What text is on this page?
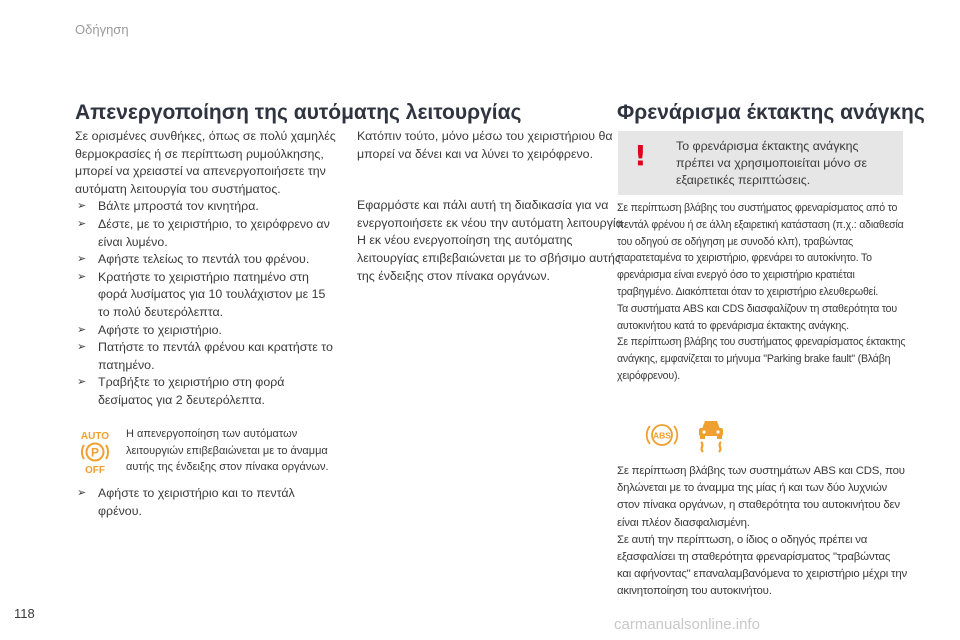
Οδήγηση
Απενεργοποίηση της αυτόματης λειτουργίας	Φρενάρισμα έκτακτης ανάγκης

Σε ορισμένες συνθήκες, όπως σε πολύ χαμηλές θερμοκρασίες ή σε περίπτωση ρυμούλκησης, μπορεί να χρειαστεί να απενεργοποιήσετε την αυτόματη λειτουργία του συστήματος.

➢ Βάλτε μπροστά τον κινητήρα.
➢ Δέστε, με το χειριστήριο, το χειρόφρενο αν είναι λυμένο.
➢ Αφήστε τελείως το πεντάλ του φρένου.
➢ Κρατήστε το χειριστήριο πατημένο στη φορά λυσίματος για 10 τουλάχιστον με 15 το πολύ δευτερόλεπτα.
➢ Αφήστε το χειριστήριο.
➢ Πατήστε το πεντάλ φρένου και κρατήστε το πατημένο.
➢ Τραβήξτε το χειριστήριο στη φορά δεσίματος για 2 δευτερόλεπτα.
AUTO
P
OFF
Η απενεργοποίηση των αυτόματων λειτουργιών επιβεβαιώνεται με το άναμμα αυτής της ένδειξης στον πίνακα οργάνων.
➢ Αφήστε το χειριστήριο και το πεντάλ φρένου.

Κατόπιν τούτο, μόνο μέσω του χειριστήριου θα μπορεί να δένει και να λύνει το χειρόφρενο.

Εφαρμόστε και πάλι αυτή τη διαδικασία για να ενεργοποιήσετε εκ νέου την αυτόματη λειτουργία.

Η εκ νέου ενεργοποίηση της αυτόματης λειτουργίας επιβεβαιώνεται με το σβήσιμο αυτής της ένδειξης στον πίνακα οργάνων.

! Το φρενάρισμα έκτακτης ανάγκης πρέπει να χρησιμοποιείται μόνο σε εξαιρετικές περιπτώσεις.

Σε περίπτωση βλάβης του συστήματος φρεναρίσματος από το πεντάλ φρένου ή σε άλλη εξαιρετική κατάσταση (π.χ.: αδιαθεσία του οδηγού σε οδήγηση με συνοδό κλπ), τραβώντας παρατεταμένα το χειριστήριο, φρενάρει το αυτοκίνητο. Το φρενάρισμα είναι ενεργό όσο το χειριστήριο κρατιέται τραβηγμένο. Διακόπτεται όταν το χειριστήριο ελευθερωθεί.

Τα συστήματα ABS και CDS διασφαλίζουν τη σταθερότητα του αυτοκινήτου κατά το φρενάρισμα έκτακτης ανάγκης.

Σε περίπτωση βλάβης του συστήματος φρεναρίσματος έκτακτης ανάγκης, εμφανίζεται το μήνυμα "Parking brake fault" (Βλάβη χειρόφρενου).

ABS

Σε περίπτωση βλάβης των συστημάτων ABS και CDS, που δηλώνεται με το άναμμα της μίας ή και των δύο λυχνιών στον πίνακα οργάνων, η σταθερότητα του αυτοκινήτου δεν είναι πλέον διασφαλισμένη.

Σε αυτή την περίπτωση, ο ίδιος ο οδηγός πρέπει να εξασφαλίσει τη σταθερότητα φρεναρίσματος "τραβώντας και αφήνοντας" επαναλαμβανόμενα το χειριστήριο μέχρι την ακινητοποίηση του αυτοκινήτου.

118
carmanualsonline.info
